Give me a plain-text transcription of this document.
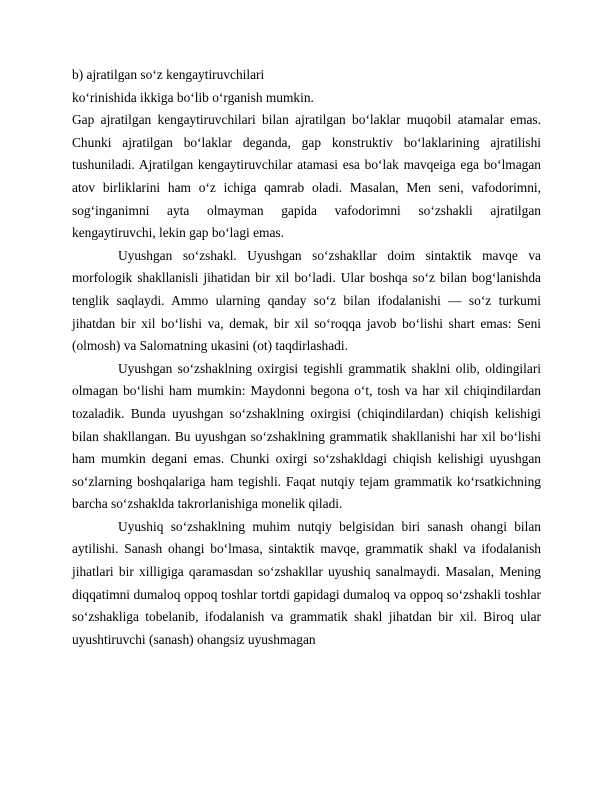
b) ajratilgan so‘z kengaytiruvchilari

ko‘rinishida ikkiga bo‘lib o‘rganish mumkin.

Gap ajratilgan kengaytiruvchilari bilan ajratilgan bo‘laklar muqobil atamalar emas. Chunki ajratilgan bo‘laklar deganda, gap konstruktiv bo‘laklarining ajratilishi tushuniladi. Ajratilgan kengaytiruvchilar atamasi esa bo‘lak mavqeiga ega bo‘lmagan atov birliklarini ham o‘z ichiga qamrab oladi. Masalan, Men seni, vafodorimni, sog‘inganimni ayta olmayman gapida vafodorimni so‘zshakli ajratilgan kengaytiruvchi, lekin gap bo‘lagi emas.

Uyushgan so‘zshakl. Uyushgan so‘zshakllar doim sintaktik mavqe va morfologik shakllanisli jihatidan bir xil bo‘ladi. Ular boshqa so‘z bilan bog‘lanishda tenglik saqlaydi. Ammo ularning qanday so‘z bilan ifodalanishi — so‘z turkumi jihatdan bir xil bo‘lishi va, demak, bir xil so‘roqqa javob bo‘lishi shart emas: Seni (olmosh) va Salomatning ukasini (ot) taqdirlashadi.

Uyushgan so‘zshaklning oxirgisi tegishli grammatik shaklni olib, oldingilari olmagan bo‘lishi ham mumkin: Maydonni begona o‘t, tosh va har xil chiqindilardan tozaladik. Bunda uyushgan so‘zshaklning oxirgisi (chiqindilardan) chiqish kelishigi bilan shakllangan. Bu uyushgan so‘zshaklning grammatik shakllanishi har xil bo‘lishi ham mumkin degani emas. Chunki oxirgi so‘zshakldagi chiqish kelishigi uyushgan so‘zlarning boshqalariga ham tegishli. Faqat nutqiy tejam grammatik ko‘rsatkichning barcha so‘zshaklda takrorlanishiga monelik qiladi.

Uyushiq so‘zshaklning muhim nutqiy belgisidan biri sanash ohangi bilan aytilishi. Sanash ohangi bo‘lmasa, sintaktik mavqe, grammatik shakl va ifodalanish jihatlari bir xilligiga qaramasdan so‘zshakllar uyushiq sanalmaydi. Masalan, Mening diqqatimni dumaloq oppoq toshlar tortdi gapidagi dumaloq va oppoq so‘zshakli toshlar so‘zshakliga tobelanib, ifodalanish va grammatik shakl jihatdan bir xil. Biroq ular uyushtiruvchi (sanash) ohangsiz uyushmagan
